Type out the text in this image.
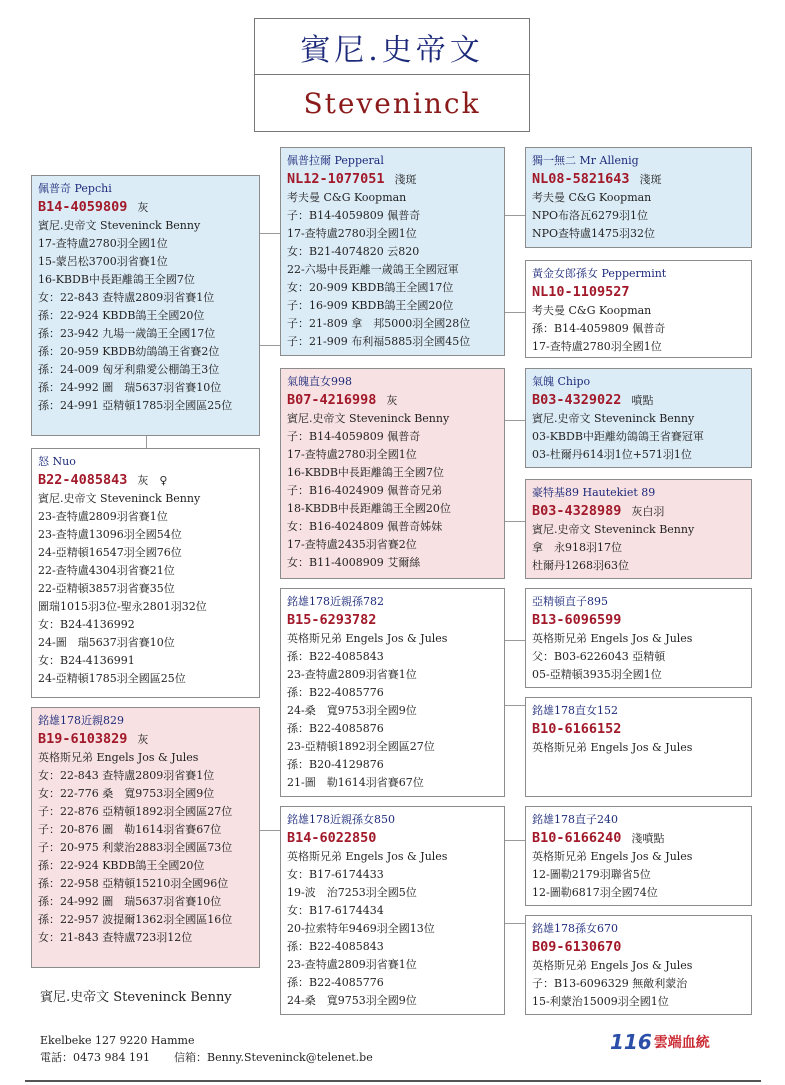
賓尼.史帝文
Steveninck
佩普奇 Pepchi
B14-4059809 灰
賓尼.史帝文 Steveninck Benny
17-查特盧2780羽全國1位
15-蒙呂松3700羽省賽1位
16-KBDB中長距離鴿王全國7位
女：22-843 查特盧2809羽省賽1位
孫：22-924 KBDB鴿王全國20位
孫：23-942 九場一歲鴿王全國17位
孫：20-959 KBDB幼鴿鴿王省賽2位
孫：24-009 匈牙利鼎愛公棚鴿王3位
孫：24-992 圖　瑞5637羽省賽10位
孫：24-991 亞精頓1785羽全國區25位
怒 Nuo
B22-4085843 灰　♀
賓尼.史帝文 Steveninck Benny
23-查特盧2809羽省賽1位
23-查特盧13096羽全國54位
24-亞精頓16547羽全國76位
22-查特盧4304羽省賽21位
22-亞精頓3857羽省賽35位
圖瑞1015羽3位-聖永2801羽32位
女：B24-4136992
24-圖　瑞5637羽省賽10位
女：B24-4136991
24-亞精頓1785羽全國區25位
銘雄178近親829
B19-6103829 灰
英格斯兄弟 Engels Jos & Jules
女：22-843 查特盧2809羽省賽1位
女：22-776 桑　寬9753羽全國9位
子：22-876 亞精頓1892羽全國區27位
子：20-876 圖　勒1614羽省賽67位
子：20-975 利蒙治2883羽全國區73位
孫：22-924 KBDB鴿王全國20位
孫：22-958 亞精頓15210羽全國96位
孫：24-992 圖　瑞5637羽省賽10位
孫：22-957 波提爾1362羽全國區16位
女：21-843 查特盧723羽12位
佩普拉爾 Pepperal
NL12-1077051 淺斑
考夫曼 C&G Koopman
子：B14-4059809 佩普奇
17-查特盧2780羽全國1位
女：B21-4074820 云820
22-六場中長距離一歲鴿王全國冠軍
女：20-909 KBDB鴿王全國17位
子：16-909 KBDB鴿王全國20位
子：21-809 拿　邦5000羽全國28位
子：21-909 布利福5885羽全國45位
氣魄直女998
B07-4216998 灰
賓尼.史帝文 Steveninck Benny
子：B14-4059809 佩普奇
17-查特盧2780羽全國1位
16-KBDB中長距離鴿王全國7位
子：B16-4024909 佩普奇兄弟
18-KBDB中長距離鴿王全國20位
女：B16-4024809 佩普奇姊妹
17-查特盧2435羽省賽2位
女：B11-4008909 艾爾絲
銘雄178近親孫782
B15-6293782
英格斯兄弟 Engels Jos & Jules
孫：B22-4085843
23-查特盧2809羽省賽1位
孫：B22-4085776
24-桑　寬9753羽全國9位
孫：B22-4085876
23-亞精頓1892羽全國區27位
孫：B20-4129876
21-圖　勒1614羽省賽67位
銘雄178近親孫女850
B14-6022850
英格斯兄弟 Engels Jos & Jules
女：B17-6174433
19-波　治7253羽全國5位
女：B17-6174434
20-拉索特年9469羽全國13位
孫：B22-4085843
23-查特盧2809羽省賽1位
孫：B22-4085776
24-桑　寬9753羽全國9位
獨一無二 Mr Allenig
NL08-5821643 淺斑
考夫曼 C&G Koopman
NPO布洛瓦6279羽1位
NPO查特盧1475羽32位
黃金女郎孫女 Peppermint
NL10-1109527
考夫曼 C&G Koopman
孫：B14-4059809 佩普奇
17-查特盧2780羽全國1位
氣魄 Chipo
B03-4329022 噴點
賓尼.史帝文 Steveninck Benny
03-KBDB中距離幼鴿鴿王省賽冠軍
03-杜爾丹614羽1位+571羽1位
豪特基89 Hautekiet 89
B03-4328989 灰白羽
賓尼.史帝文 Steveninck Benny
拿　永918羽17位
杜爾丹1268羽63位
亞精頓直子895
B13-6096599
英格斯兄弟 Engels Jos & Jules
父：B03-6226043 亞精頓
05-亞精頓3935羽全國1位
銘雄178直女152
B10-6166152
英格斯兄弟 Engels Jos & Jules
銘雄178直子240
B10-6166240 淺噴點
英格斯兄弟 Engels Jos & Jules
12-圖勒2179羽聯省5位
12-圖勒6817羽全國74位
銘雄178孫女670
B09-6130670
英格斯兄弟 Engels Jos & Jules
子：B13-6096329 無敵利蒙治
15-利蒙治15009羽全國1位
賓尼.史帝文 Steveninck Benny
Ekelbeke 127 9220 Hamme
電話：0473 984 191 信箱：Benny.Steveninck@telenet.be
116 雲端血統
